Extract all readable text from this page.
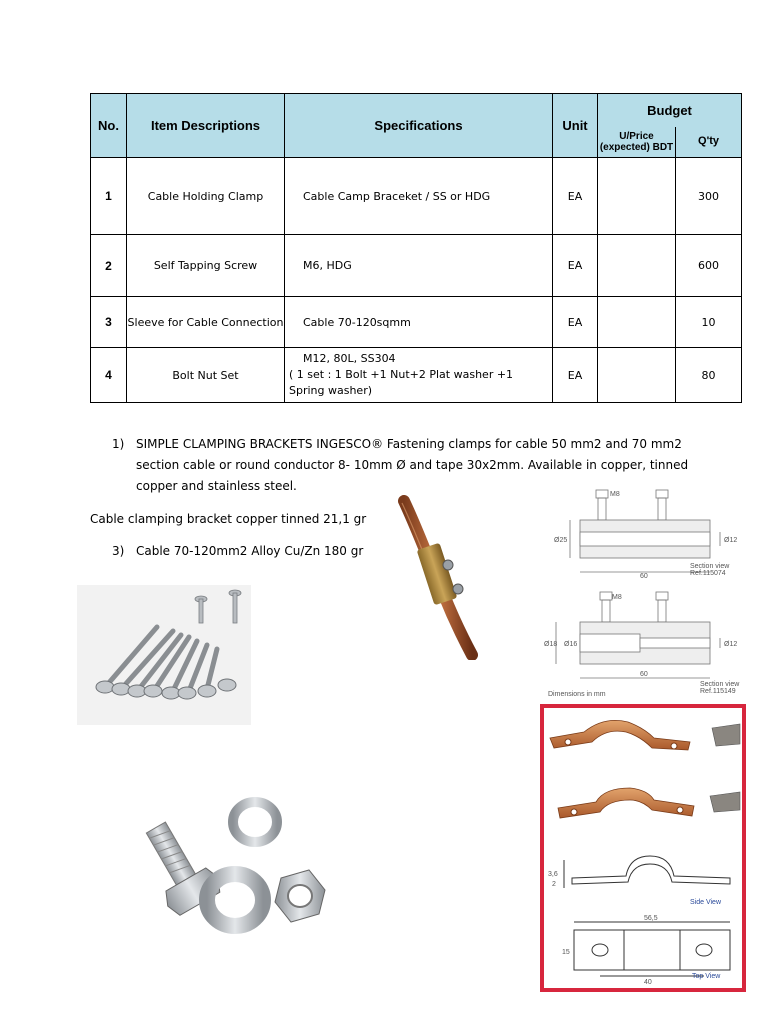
No.	Item Descriptions	Specifications	Unit	Budget	
				U/Price (expected) BDT	Q'ty
1	Cable Holding Clamp	Cable Camp Braceket / SS or HDG	EA		300
2	Self Tapping Screw	M6, HDG	EA		600
3	Sleeve for Cable Connection	Cable 70-120sqmm	EA		10
4	Bolt Nut Set	M12, 80L, SS304
( 1 set : 1 Bolt +1 Nut+2 Plat washer +1 Spring washer)	EA		80
1) SIMPLE CLAMPING BRACKETS INGESCO® Fastening clamps for cable 50 mm2 and 70 mm2
section cable or round conductor 8- 10mm Ø and tape 30x2mm. Available in copper, tinned
copper and stainless steel.
Cable clamping bracket copper tinned 21,1 gr
3) Cable 70-120mm2 Alloy Cu/Zn 180 gr
M8
Ø25	Ø12
60
Section view
Ref.115074
M8
Ø18 Ø16	Ø12
60
Section view
Ref.115149
Dimensions in mm
3,6
2
Side View
56,5
15
40
Top View
